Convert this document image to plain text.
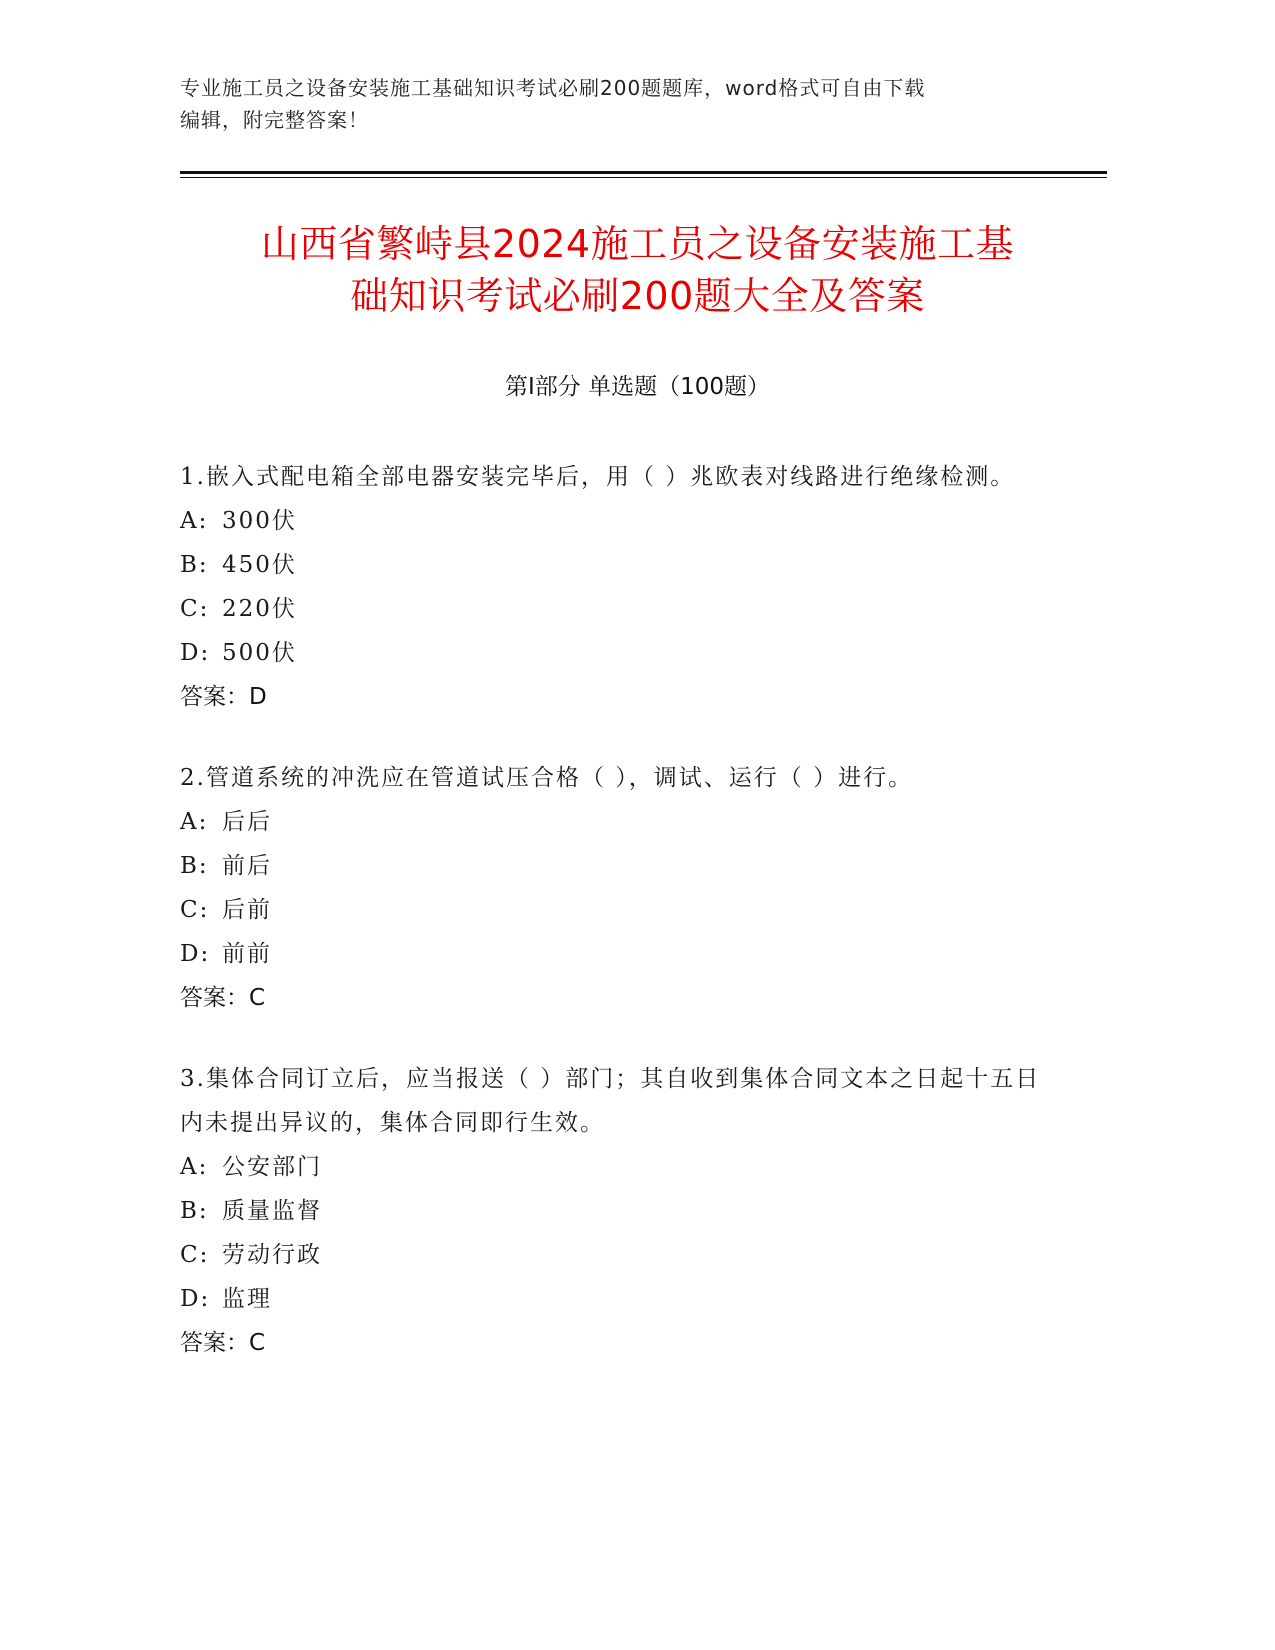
专业施工员之设备安装施工基础知识考试必刷200题题库，word格式可自由下载
编辑，附完整答案！
山西省繁峙县2024施工员之设备安装施工基
础知识考试必刷200题大全及答案
第Ⅰ部分 单选题（100题）
1.嵌入式配电箱全部电器安装完毕后，用（ ）兆欧表对线路进行绝缘检测。
A: 300伏
B: 450伏
C: 220伏
D: 500伏
答案：D
2.管道系统的冲洗应在管道试压合格（ ），调试、运行（ ）进行。
A: 后后
B: 前后
C: 后前
D: 前前
答案：C
3.集体合同订立后，应当报送（ ）部门；其自收到集体合同文本之日起十五日内未提出异议的，集体合同即行生效。
A: 公安部门
B: 质量监督
C: 劳动行政
D: 监理
答案：C
